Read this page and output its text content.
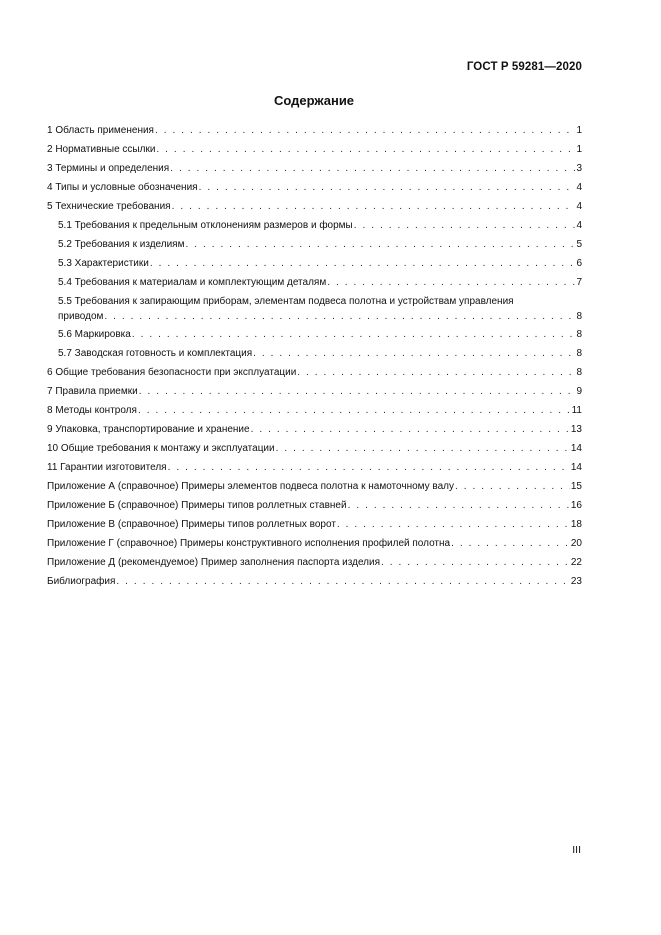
ГОСТ Р 59281—2020
Содержание
1 Область применения . . .	1
2 Нормативные ссылки . . .	1
3 Термины и определения . . .	3
4 Типы и условные обозначения . . .	4
5 Технические требования . . .	4
5.1 Требования к предельным отклонениям размеров и формы . . .	4
5.2 Требования к изделиям . . .	5
5.3 Характеристики . . .	6
5.4 Требования к материалам и комплектующим деталям . . .	7
5.5 Требования к запирающим приборам, элементам подвеса полотна и устройствам управления
приводом . . .	8
5.6 Маркировка . . .	8
5.7 Заводская готовность и комплектация . . .	8
6 Общие требования безопасности при эксплуатации . . .	8
7 Правила приемки . . .	9
8 Методы контроля . . .	11
9 Упаковка, транспортирование и хранение . . .	13
10 Общие требования к монтажу и эксплуатации . . .	14
11 Гарантии изготовителя . . .	14
Приложение А (справочное) Примеры элементов подвеса полотна к намоточному валу . . .	15
Приложение Б (справочное) Примеры типов роллетных ставней . . .	16
Приложение В (справочное) Примеры типов роллетных ворот . . .	18
Приложение Г (справочное) Примеры конструктивного исполнения профилей полотна . . .	20
Приложение Д (рекомендуемое) Пример заполнения паспорта изделия . . .	22
Библиография . . .	23
III
